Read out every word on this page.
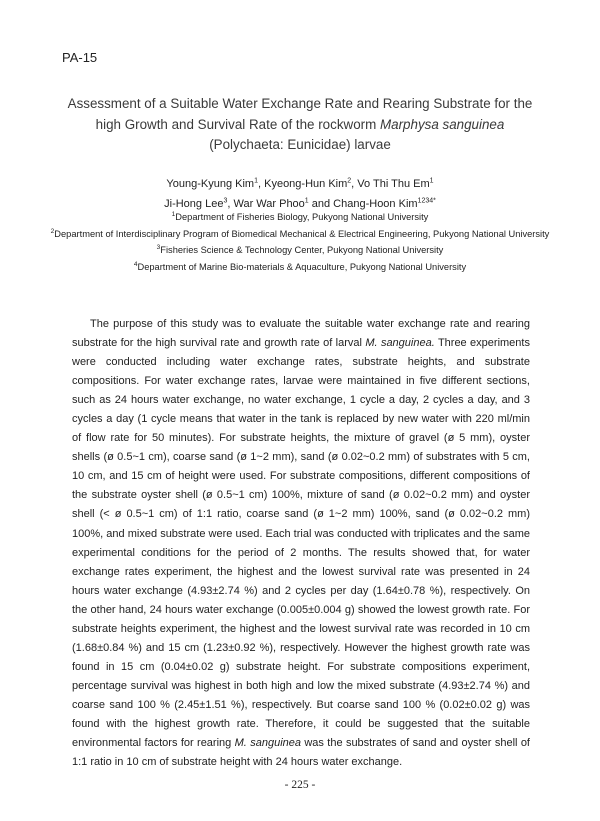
PA-15
Assessment of a Suitable Water Exchange Rate and Rearing Substrate for the high Growth and Survival Rate of the rockworm Marphysa sanguinea (Polychaeta: Eunicidae) larvae
Young-Kyung Kim$^1$, Kyeong-Hun Kim$^2$, Vo Thi Thu Em$^1$
Ji-Hong Lee$^3$, War War Phoo$^1$ and Chang-Hoon Kim$^{1234*}$
$^1$Department of Fisheries Biology, Pukyong National University
$^2$Department of Interdisciplinary Program of Biomedical Mechanical & Electrical Engineering, Pukyong National University
$^3$Fisheries Science & Technology Center, Pukyong National University
$^4$Department of Marine Bio-materials & Aquaculture, Pukyong National University

The purpose of this study was to evaluate the suitable water exchange rate and rearing substrate for the high survival rate and growth rate of larval M. sanguinea. Three experiments were conducted including water exchange rates, substrate heights, and substrate compositions. For water exchange rates, larvae were maintained in five different sections, such as 24 hours water exchange, no water exchange, 1 cycle a day, 2 cycles a day, and 3 cycles a day (1 cycle means that water in the tank is replaced by new water with 220 ml/min of flow rate for 50 minutes). For substrate heights, the mixture of gravel (ø 5 mm), oyster shells (ø 0.5~1 cm), coarse sand (ø 1~2 mm), sand (ø 0.02~0.2 mm) of substrates with 5 cm, 10 cm, and 15 cm of height were used. For substrate compositions, different compositions of the substrate oyster shell (ø 0.5~1 cm) 100%, mixture of sand (ø 0.02~0.2 mm) and oyster shell (< ø 0.5~1 cm) of 1:1 ratio, coarse sand (ø 1~2 mm) 100%, sand (ø 0.02~0.2 mm) 100%, and mixed substrate were used. Each trial was conducted with triplicates and the same experimental conditions for the period of 2 months. The results showed that, for water exchange rates experiment, the highest and the lowest survival rate was presented in 24 hours water exchange (4.93±2.74 %) and 2 cycles per day (1.64±0.78 %), respectively. On the other hand, 24 hours water exchange (0.005±0.004 g) showed the lowest growth rate. For substrate heights experiment, the highest and the lowest survival rate was recorded in 10 cm (1.68±0.84 %) and 15 cm (1.23±0.92 %), respectively. However the highest growth rate was found in 15 cm (0.04±0.02 g) substrate height. For substrate compositions experiment, percentage survival was highest in both high and low the mixed substrate (4.93±2.74 %) and coarse sand 100 % (2.45±1.51 %), respectively. But coarse sand 100 % (0.02±0.02 g) was found with the highest growth rate. Therefore, it could be suggested that the suitable environmental factors for rearing M. sanguinea was the substrates of sand and oyster shell of 1:1 ratio in 10 cm of substrate height with 24 hours water exchange.

- 225 -
